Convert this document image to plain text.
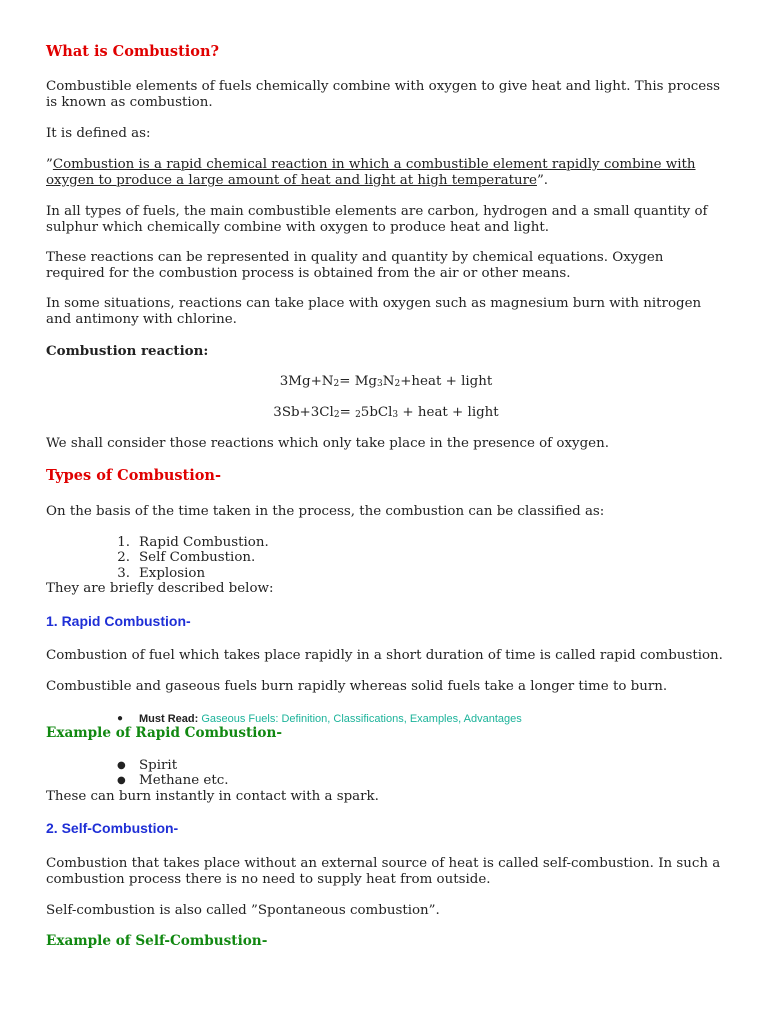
What is Combustion?

Combustible elements of fuels chemically combine with oxygen to give heat and light. This process is known as combustion.

It is defined as:

”Combustion is a rapid chemical reaction in which a combustible element rapidly combine with oxygen to produce a large amount of heat and light at high temperature”.

In all types of fuels, the main combustible elements are carbon, hydrogen and a small quantity of sulphur which chemically combine with oxygen to produce heat and light.

These reactions can be represented in quality and quantity by chemical equations. Oxygen required for the combustion process is obtained from the air or other means.

In some situations, reactions can take place with oxygen such as magnesium burn with nitrogen and antimony with chlorine.

Combustion reaction:

3Mg+N2= Mg3N2+heat + light

3Sb+3Cl2= 25bCl3 + heat + light

We shall consider those reactions which only take place in the presence of oxygen.

Types of Combustion-

On the basis of the time taken in the process, the combustion can be classified as:

1. Rapid Combustion.
2. Self Combustion.
3. Explosion

They are briefly described below:

1. Rapid Combustion-

Combustion of fuel which takes place rapidly in a short duration of time is called rapid combustion.

Combustible and gaseous fuels burn rapidly whereas solid fuels take a longer time to burn.

● Must Read: Gaseous Fuels: Definition, Classifications, Examples, Advantages
Example of Rapid Combustion-
● Spirit
● Methane etc.

These can burn instantly in contact with a spark.

2. Self-Combustion-

Combustion that takes place without an external source of heat is called self-combustion. In such a combustion process there is no need to supply heat from outside.

Self-combustion is also called ”Spontaneous combustion”.

Example of Self-Combustion-
